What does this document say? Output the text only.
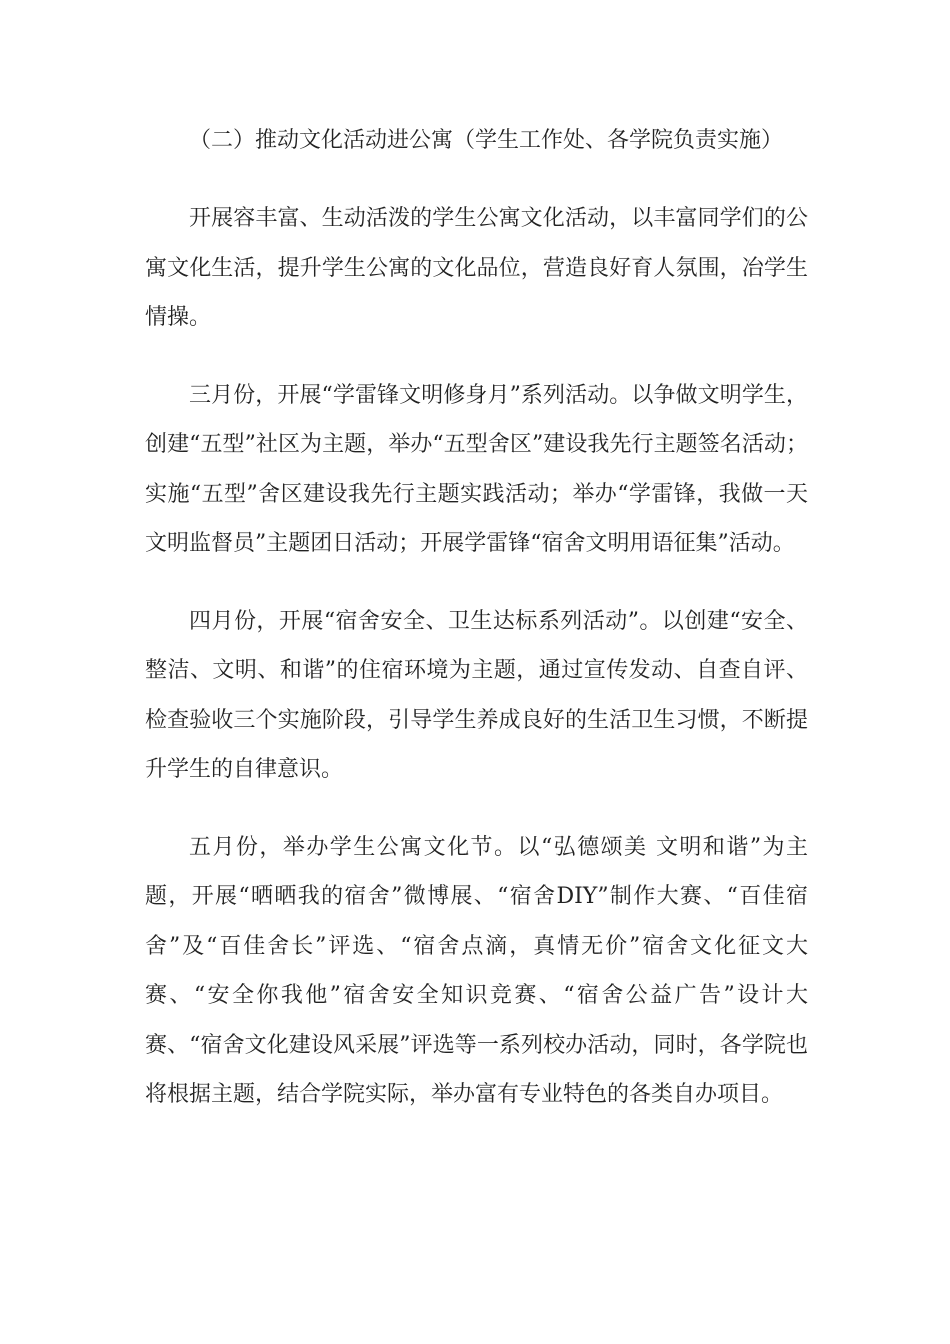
（二）推动文化活动进公寓（学生工作处、各学院负责实施）

开展容丰富、生动活泼的学生公寓文化活动，以丰富同学们的公寓文化生活，提升学生公寓的文化品位，营造良好育人氛围，冶学生情操。

三月份，开展“学雷锋文明修身月”系列活动。以争做文明学生，创建“五型”社区为主题，举办“五型舍区”建设我先行主题签名活动；实施“五型”舍区建设我先行主题实践活动；举办“学雷锋，我做一天文明监督员”主题团日活动；开展学雷锋“宿舍文明用语征集”活动。

四月份，开展“宿舍安全、卫生达标系列活动”。以创建“安全、整洁、文明、和谐”的住宿环境为主题，通过宣传发动、自查自评、检查验收三个实施阶段，引导学生养成良好的生活卫生习惯，不断提升学生的自律意识。

五月份，举办学生公寓文化节。以“弘德颂美 文明和谐”为主题，开展“晒晒我的宿舍”微博展、“宿舍DIY”制作大赛、“百佳宿舍”及“百佳舍长”评选、“宿舍点滴，真情无价”宿舍文化征文大赛、“安全你我他”宿舍安全知识竞赛、“宿舍公益广告”设计大赛、“宿舍文化建设风采展”评选等一系列校办活动，同时，各学院也将根据主题，结合学院实际，举办富有专业特色的各类自办项目。
